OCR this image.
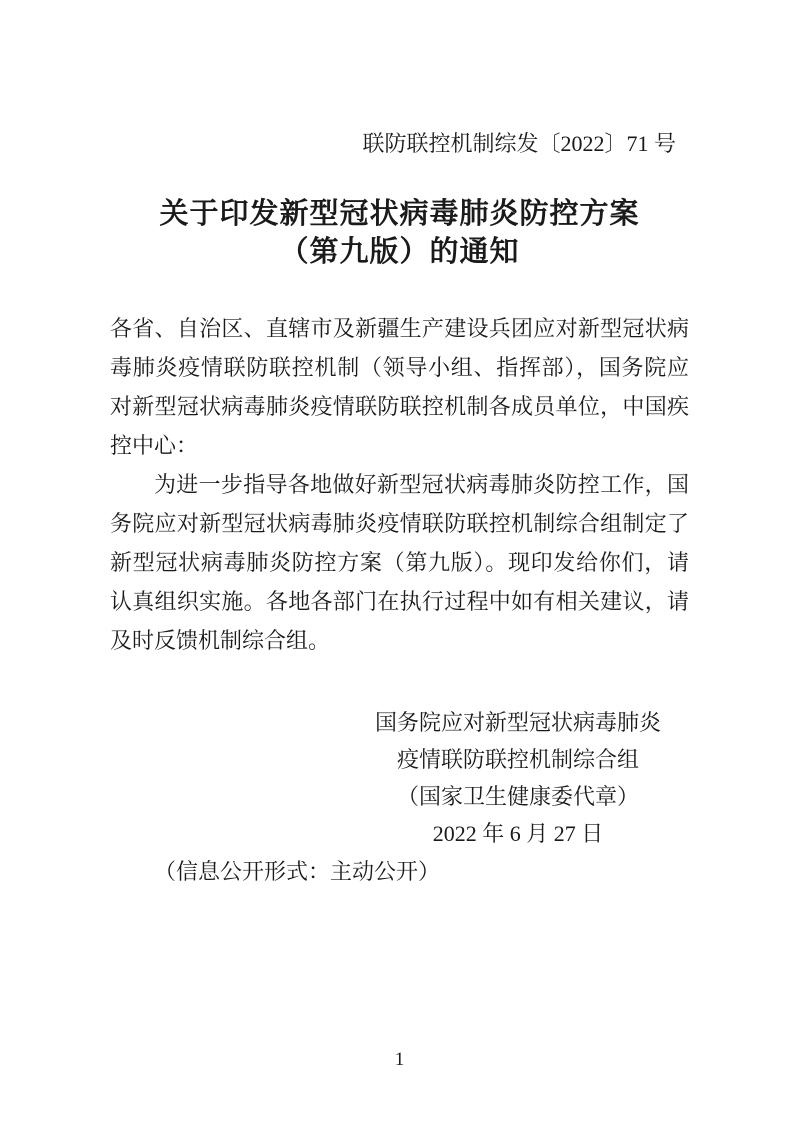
联防联控机制综发〔2022〕71 号
关于印发新型冠状病毒肺炎防控方案
（第九版）的通知

各省、自治区、直辖市及新疆生产建设兵团应对新型冠状病毒肺炎疫情联防联控机制（领导小组、指挥部），国务院应对新型冠状病毒肺炎疫情联防联控机制各成员单位，中国疾控中心：

为进一步指导各地做好新型冠状病毒肺炎防控工作，国务院应对新型冠状病毒肺炎疫情联防联控机制综合组制定了新型冠状病毒肺炎防控方案（第九版）。现印发给你们，请认真组织实施。各地各部门在执行过程中如有相关建议，请及时反馈机制综合组。

国务院应对新型冠状病毒肺炎
疫情联防联控机制综合组
（国家卫生健康委代章）
2022 年 6 月 27 日

（信息公开形式：主动公开）

1
